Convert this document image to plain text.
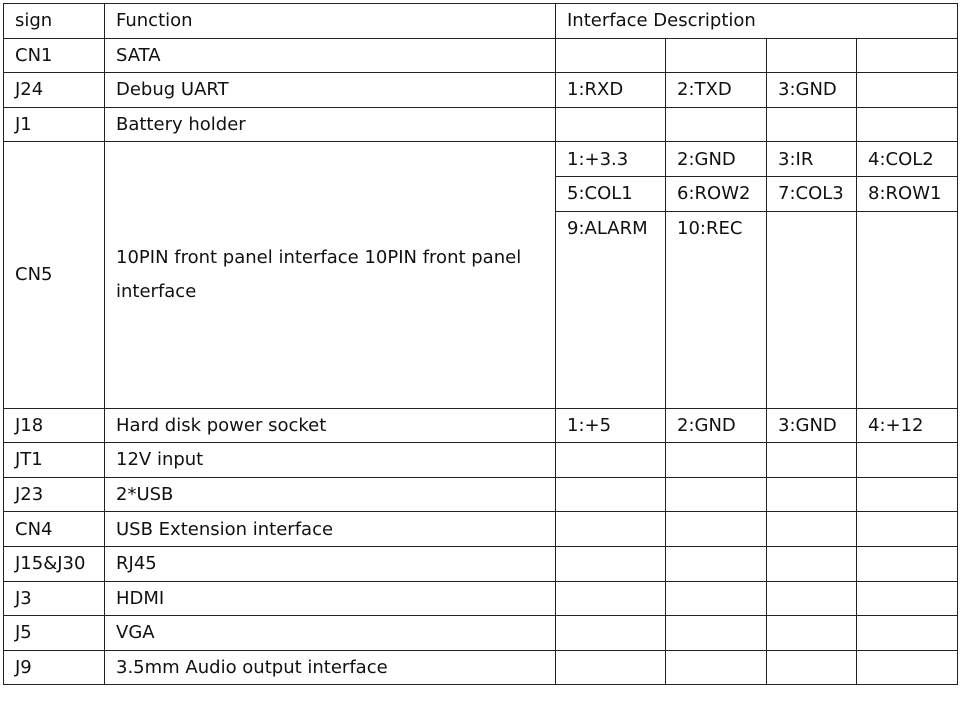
sign	Function	Interface Description			
CN1	SATA				
J24	Debug UART	1:RXD	2:TXD	3:GND	
J1	Battery holder				
CN5	10PIN front panel interface 10PIN front panel interface	1:+3.3	2:GND	3:IR	4:COL2
		5:COL1	6:ROW2	7:COL3	8:ROW1
		9:ALARM	10:REC		
J18	Hard disk power socket	1:+5	2:GND	3:GND	4:+12
JT1	12V input				
J23	2*USB				
CN4	USB Extension interface				
J15&J30	RJ45				
J3	HDMI				
J5	VGA				
J9	3.5mm Audio output interface				
